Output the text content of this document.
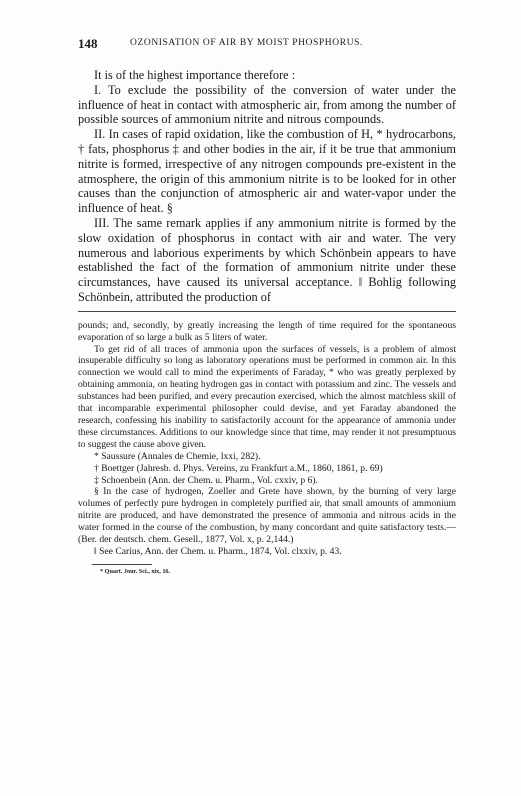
148	OZONISATION OF AIR BY MOIST PHOSPHORUS.

It is of the highest importance therefore :

I. To exclude the possibility of the conversion of water under the influence of heat in contact with atmospheric air, from among the number of possible sources of ammonium nitrite and nitrous compounds.

II. In cases of rapid oxidation, like the combustion of H, * hydrocarbons, † fats, phosphorus ‡ and other bodies in the air, if it be true that ammonium nitrite is formed, irrespective of any nitrogen compounds pre-existent in the atmosphere, the origin of this ammonium nitrite is to be looked for in other causes than the conjunction of atmospheric air and water-vapor under the influence of heat. §

III. The same remark applies if any ammonium nitrite is formed by the slow oxidation of phosphorus in contact with air and water. The very numerous and laborious experiments by which Schönbein appears to have established the fact of the formation of ammonium nitrite under these circumstances, have caused its universal acceptance. ‖ Bohlig following Schönbein, attributed the production of

pounds; and, secondly, by greatly increasing the length of time required for the spontaneous evaporation of so large a bulk as 5 liters of water.

To get rid of all traces of ammonia upon the surfaces of vessels, is a problem of almost insuperable difficulty so long as laboratory operations must be performed in common air. In this connection we would call to mind the experiments of Faraday, * who was greatly perplexed by obtaining ammonia, on heating hydrogen gas in contact with potassium and zinc. The vessels and substances had been purified, and every precaution exercised, which the almost matchless skill of that incomparable experimental philosopher could devise, and yet Faraday abandoned the research, confessing his inability to satisfactorily account for the appearance of ammonia under these circumstances. Additions to our knowledge since that time, may render it not presumptuous to suggest the cause above given.

* Saussure (Annales de Chemie, lxxi, 282).

† Boettger (Jahresb. d. Phys. Vereins, zu Frankfurt a.M., 1860, 1861, p. 69)

‡ Schoenbein (Ann. der Chem. u. Pharm., Vol. cxxiv, p 6).

§ In the case of hydrogen, Zoeller and Grete have shown, by the burning of very large volumes of perfectly pure hydrogen in completely purified air, that small amounts of ammonium nitrite are produced, and have demonstrated the presence of ammonia and nitrous acids in the water formed in the course of the combustion, by many concordant and quite satisfactory tests.—(Ber. der deutsch. chem. Gesell., 1877, Vol. x, p. 2,144.)

‖ See Carius, Ann. der Chem. u. Pharm., 1874, Vol. clxxiv, p. 43.

* Quart. Jour. Sci., xix, 16.
